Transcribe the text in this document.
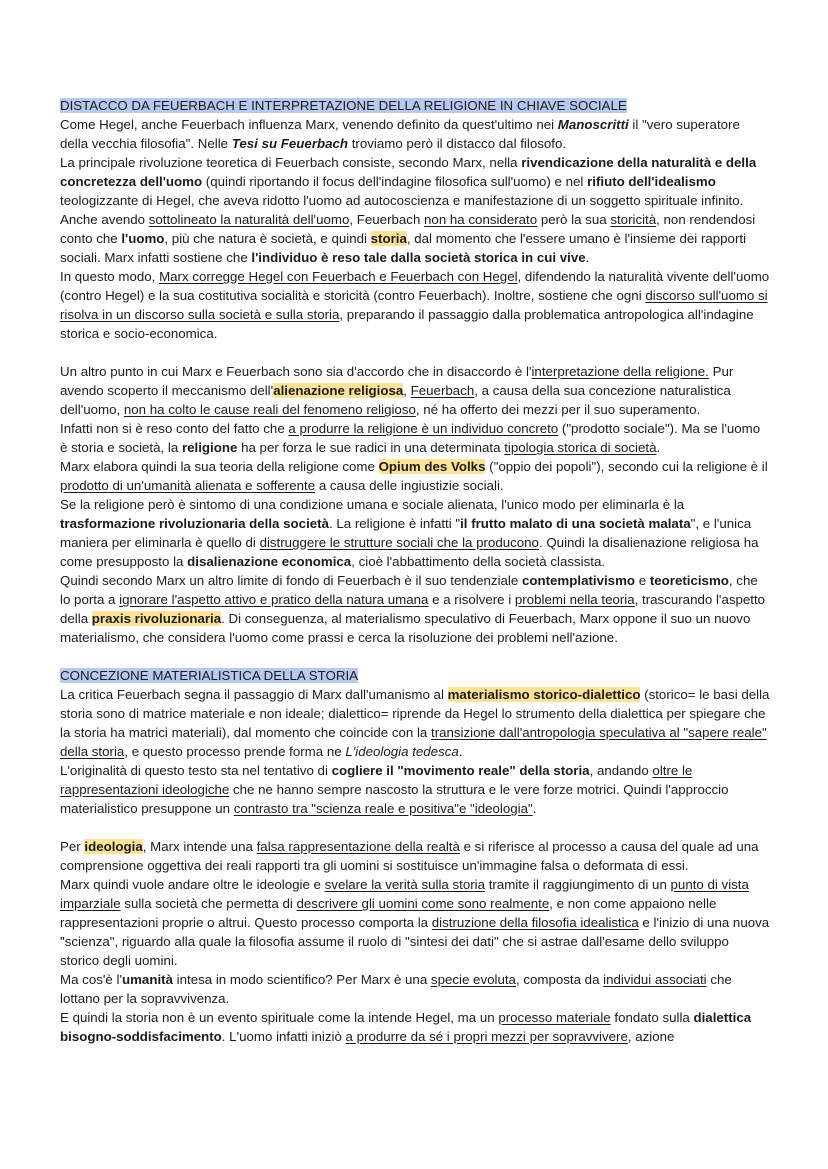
DISTACCO DA FEUERBACH E INTERPRETAZIONE DELLA RELIGIONE IN CHIAVE SOCIALE

Come Hegel, anche Feuerbach influenza Marx, venendo definito da quest'ultimo nei Manoscritti il "vero superatore della vecchia filosofia". Nelle Tesi su Feuerbach troviamo però il distacco dal filosofo.

La principale rivoluzione teoretica di Feuerbach consiste, secondo Marx, nella rivendicazione della naturalità e della concretezza dell'uomo (quindi riportando il focus dell'indagine filosofica sull'uomo) e nel rifiuto dell'idealismo teologizzante di Hegel, che aveva ridotto l'uomo ad autocoscienza e manifestazione di un soggetto spirituale infinito.

Anche avendo sottolineato la naturalità dell'uomo, Feuerbach non ha considerato però la sua storicità, non rendendosi conto che l'uomo, più che natura è società, e quindi storia, dal momento che l'essere umano è l'insieme dei rapporti sociali. Marx infatti sostiene che l'individuo è reso tale dalla società storica in cui vive.

In questo modo, Marx corregge Hegel con Feuerbach e Feuerbach con Hegel, difendendo la naturalità vivente dell'uomo (contro Hegel) e la sua costitutiva socialità e storicità (contro Feuerbach). Inoltre, sostiene che ogni discorso sull'uomo si risolva in un discorso sulla società e sulla storia, preparando il passaggio dalla problematica antropologica all'indagine storica e socio-economica.

Un altro punto in cui Marx e Feuerbach sono sia d'accordo che in disaccordo è l'interpretazione della religione. Pur avendo scoperto il meccanismo dell'alienazione religiosa, Feuerbach, a causa della sua concezione naturalistica dell'uomo, non ha colto le cause reali del fenomeno religioso, né ha offerto dei mezzi per il suo superamento.

Infatti non si è reso conto del fatto che a produrre la religione è un individuo concreto ("prodotto sociale"). Ma se l'uomo è storia e società, la religione ha per forza le sue radici in una determinata tipologia storica di società.

Marx elabora quindi la sua teoria della religione come Opium des Volks ("oppio dei popoli"), secondo cui la religione è il prodotto di un'umanità alienata e sofferente a causa delle ingiustizie sociali.

Se la religione però è sintomo di una condizione umana e sociale alienata, l'unico modo per eliminarla è la trasformazione rivoluzionaria della società. La religione è infatti "il frutto malato di una società malata", e l'unica maniera per eliminarla è quello di distruggere le strutture sociali che la producono. Quindi la disalienazione religiosa ha come presupposto la disalienazione economica, cioè l'abbattimento della società classista.

Quindi secondo Marx un altro limite di fondo di Feuerbach è il suo tendenziale contemplativismo e teoreticismo, che lo porta a ignorare l'aspetto attivo e pratico della natura umana e a risolvere i problemi nella teoria, trascurando l'aspetto della praxis rivoluzionaria. Di conseguenza, al materialismo speculativo di Feuerbach, Marx oppone il suo un nuovo materialismo, che considera l'uomo come prassi e cerca la risoluzione dei problemi nell'azione.

CONCEZIONE MATERIALISTICA DELLA STORIA

La critica Feuerbach segna il passaggio di Marx dall'umanismo al materialismo storico-dialettico (storico= le basi della storia sono di matrice materiale e non ideale; dialettico= riprende da Hegel lo strumento della dialettica per spiegare che la storia ha matrici materiali), dal momento che coincide con la transizione dall'antropologia speculativa al "sapere reale" della storia, e questo processo prende forma ne L'ideologia tedesca.

L'originalità di questo testo sta nel tentativo di cogliere il "movimento reale" della storia, andando oltre le rappresentazioni ideologiche che ne hanno sempre nascosto la struttura e le vere forze motrici. Quindi l'approccio materialistico presuppone un contrasto tra "scienza reale e positiva"e "ideologia".

Per ideologia, Marx intende una falsa rappresentazione della realtà e si riferisce al processo a causa del quale ad una comprensione oggettiva dei reali rapporti tra gli uomini si sostituisce un'immagine falsa o deformata di essi.

Marx quindi vuole andare oltre le ideologie e svelare la verità sulla storia tramite il raggiungimento di un punto di vista imparziale sulla società che permetta di descrivere gli uomini come sono realmente, e non come appaiono nelle rappresentazioni proprie o altrui. Questo processo comporta la distruzione della filosofia idealistica e l'inizio di una nuova "scienza", riguardo alla quale la filosofia assume il ruolo di "sintesi dei dati" che si astrae dall'esame dello sviluppo storico degli uomini.

Ma cos'è l'umanità intesa in modo scientifico? Per Marx è una specie evoluta, composta da individui associati che lottano per la sopravvivenza.

E quindi la storia non è un evento spirituale come la intende Hegel, ma un processo materiale fondato sulla dialettica bisogno-soddisfacimento. L'uomo infatti iniziò a produrre da sé i propri mezzi per sopravvivere, azione
